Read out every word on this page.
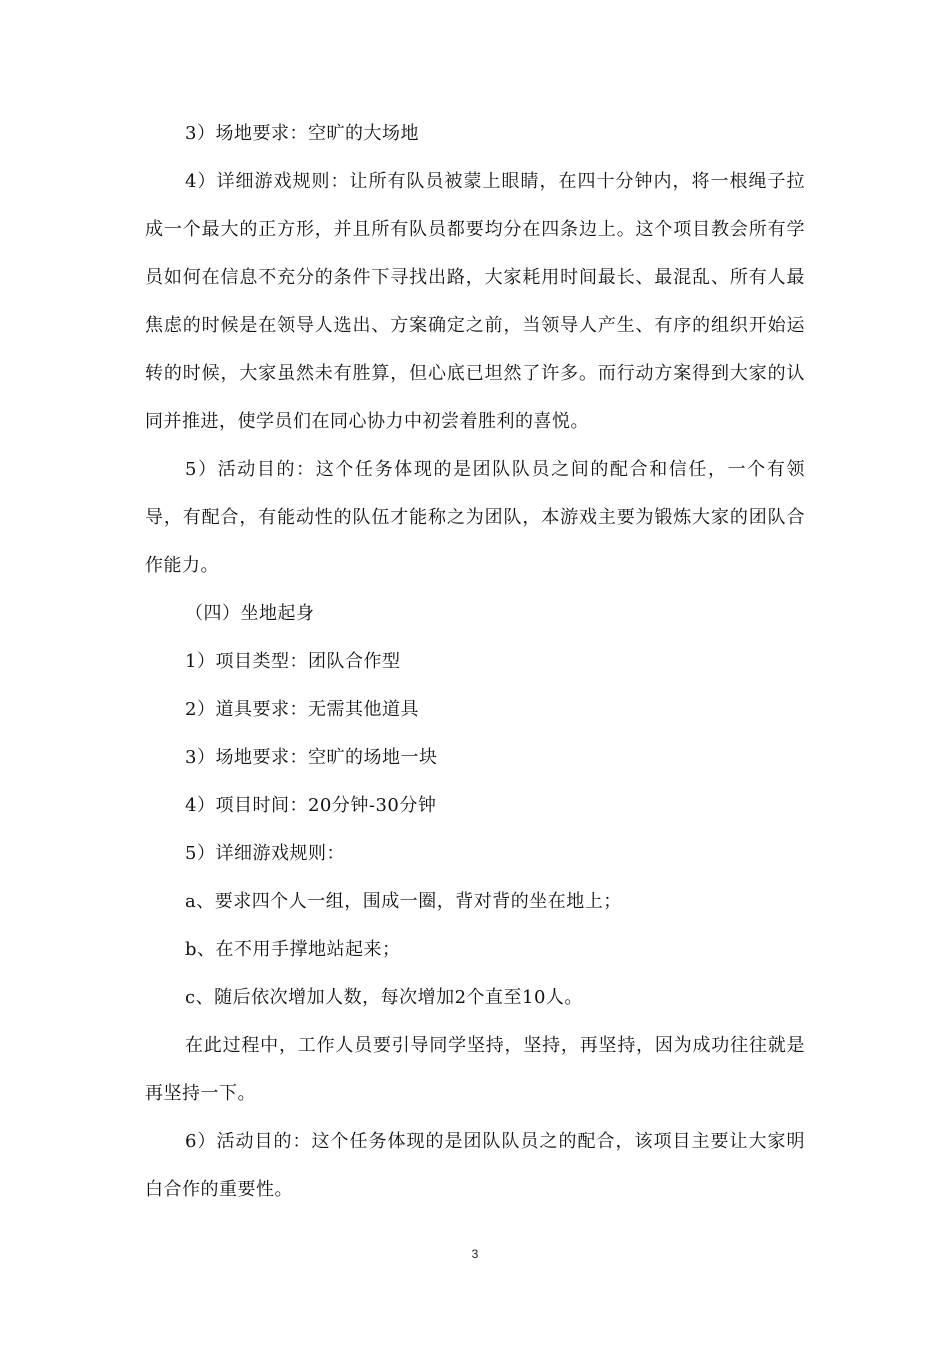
3）场地要求：空旷的大场地

4）详细游戏规则：让所有队员被蒙上眼睛，在四十分钟内，将一根绳子拉成一个最大的正方形，并且所有队员都要均分在四条边上。这个项目教会所有学员如何在信息不充分的条件下寻找出路，大家耗用时间最长、最混乱、所有人最焦虑的时候是在领导人选出、方案确定之前，当领导人产生、有序的组织开始运转的时候，大家虽然未有胜算，但心底已坦然了许多。而行动方案得到大家的认同并推进，使学员们在同心协力中初尝着胜利的喜悦。

5）活动目的：这个任务体现的是团队队员之间的配合和信任，一个有领导，有配合，有能动性的队伍才能称之为团队，本游戏主要为锻炼大家的团队合作能力。

（四）坐地起身

1）项目类型：团队合作型

2）道具要求：无需其他道具

3）场地要求：空旷的场地一块

4）项目时间：20分钟-30分钟

5）详细游戏规则：

a、要求四个人一组，围成一圈，背对背的坐在地上；

b、在不用手撑地站起来；

c、随后依次增加人数，每次增加2个直至10人。

在此过程中，工作人员要引导同学坚持，坚持，再坚持，因为成功往往就是再坚持一下。

6）活动目的：这个任务体现的是团队队员之的配合，该项目主要让大家明白合作的重要性。

3
